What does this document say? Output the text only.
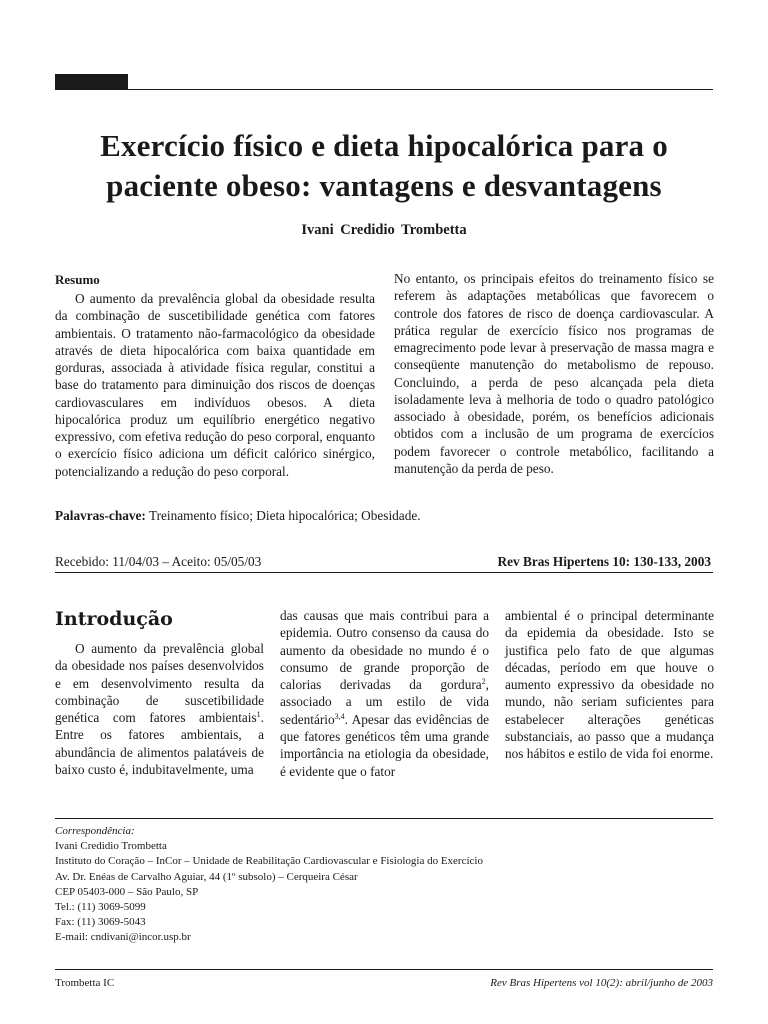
Exercício físico e dieta hipocalórica para o
paciente obeso: vantagens e desvantagens
Ivani Credidio Trombetta
Resumo

O aumento da prevalência global da obesidade resulta da combinação de suscetibilidade genética com fatores ambientais. O tratamento não-farmacológico da obesidade através de dieta hipocalórica com baixa quantidade em gorduras, associada à atividade física regular, constitui a base do tratamento para diminuição dos riscos de doenças cardiovasculares em indivíduos obesos. A dieta hipocalórica produz um equilíbrio energético negativo expressivo, com efetiva redução do peso corporal, enquanto o exercício físico adiciona um déficit calórico sinérgico, potencializando a redução do peso corporal.

No entanto, os principais efeitos do treinamento físico se referem às adaptações metabólicas que favorecem o controle dos fatores de risco de doença cardiovascular. A prática regular de exercício físico nos programas de emagrecimento pode levar à preservação de massa magra e conseqüente manutenção do metabolismo de repouso. Concluindo, a perda de peso alcançada pela dieta isoladamente leva à melhoria de todo o quadro patológico associado à obesidade, porém, os benefícios adicionais obtidos com a inclusão de um programa de exercícios podem favorecer o controle metabólico, facilitando a manutenção da perda de peso.

Palavras-chave: Treinamento físico; Dieta hipocalórica; Obesidade.
Recebido: 11/04/03 – Aceito: 05/05/03	Rev Bras Hipertens 10: 130-133, 2003
Introdução

O aumento da prevalência global da obesidade nos países desenvolvidos e em desenvolvimento resulta da combinação de suscetibilidade genética com fatores ambientais$^1$. Entre os fatores ambientais, a abundância de alimentos palatáveis de baixo custo é, indubitavelmente, uma

das causas que mais contribui para a epidemia. Outro consenso da causa do aumento da obesidade no mundo é o consumo de grande proporção de calorias derivadas da gordura$^2$, associado a um estilo de vida sedentário$^{3,4}$. Apesar das evidências de que fatores genéticos têm uma grande importância na etiologia da obesidade, é evidente que o fator

ambiental é o principal determinante da epidemia da obesidade. Isto se justifica pelo fato de que algumas décadas, período em que houve o aumento expressivo da obesidade no mundo, não seriam suficientes para estabelecer alterações genéticas substanciais, ao passo que a mudança nos hábitos e estilo de vida foi enorme.

Correspondência:
Ivani Credidio Trombetta
Instituto do Coração – InCor – Unidade de Reabilitação Cardiovascular e Fisiologia do Exercício
Av. Dr. Enéas de Carvalho Aguiar, 44 (1º subsolo) – Cerqueira César
CEP 05403-000 – São Paulo, SP
Tel.: (11) 3069-5099
Fax: (11) 3069-5043
E-mail: cndivani@incor.usp.br
Trombetta IC	Rev Bras Hipertens vol 10(2): abril/junho de 2003
